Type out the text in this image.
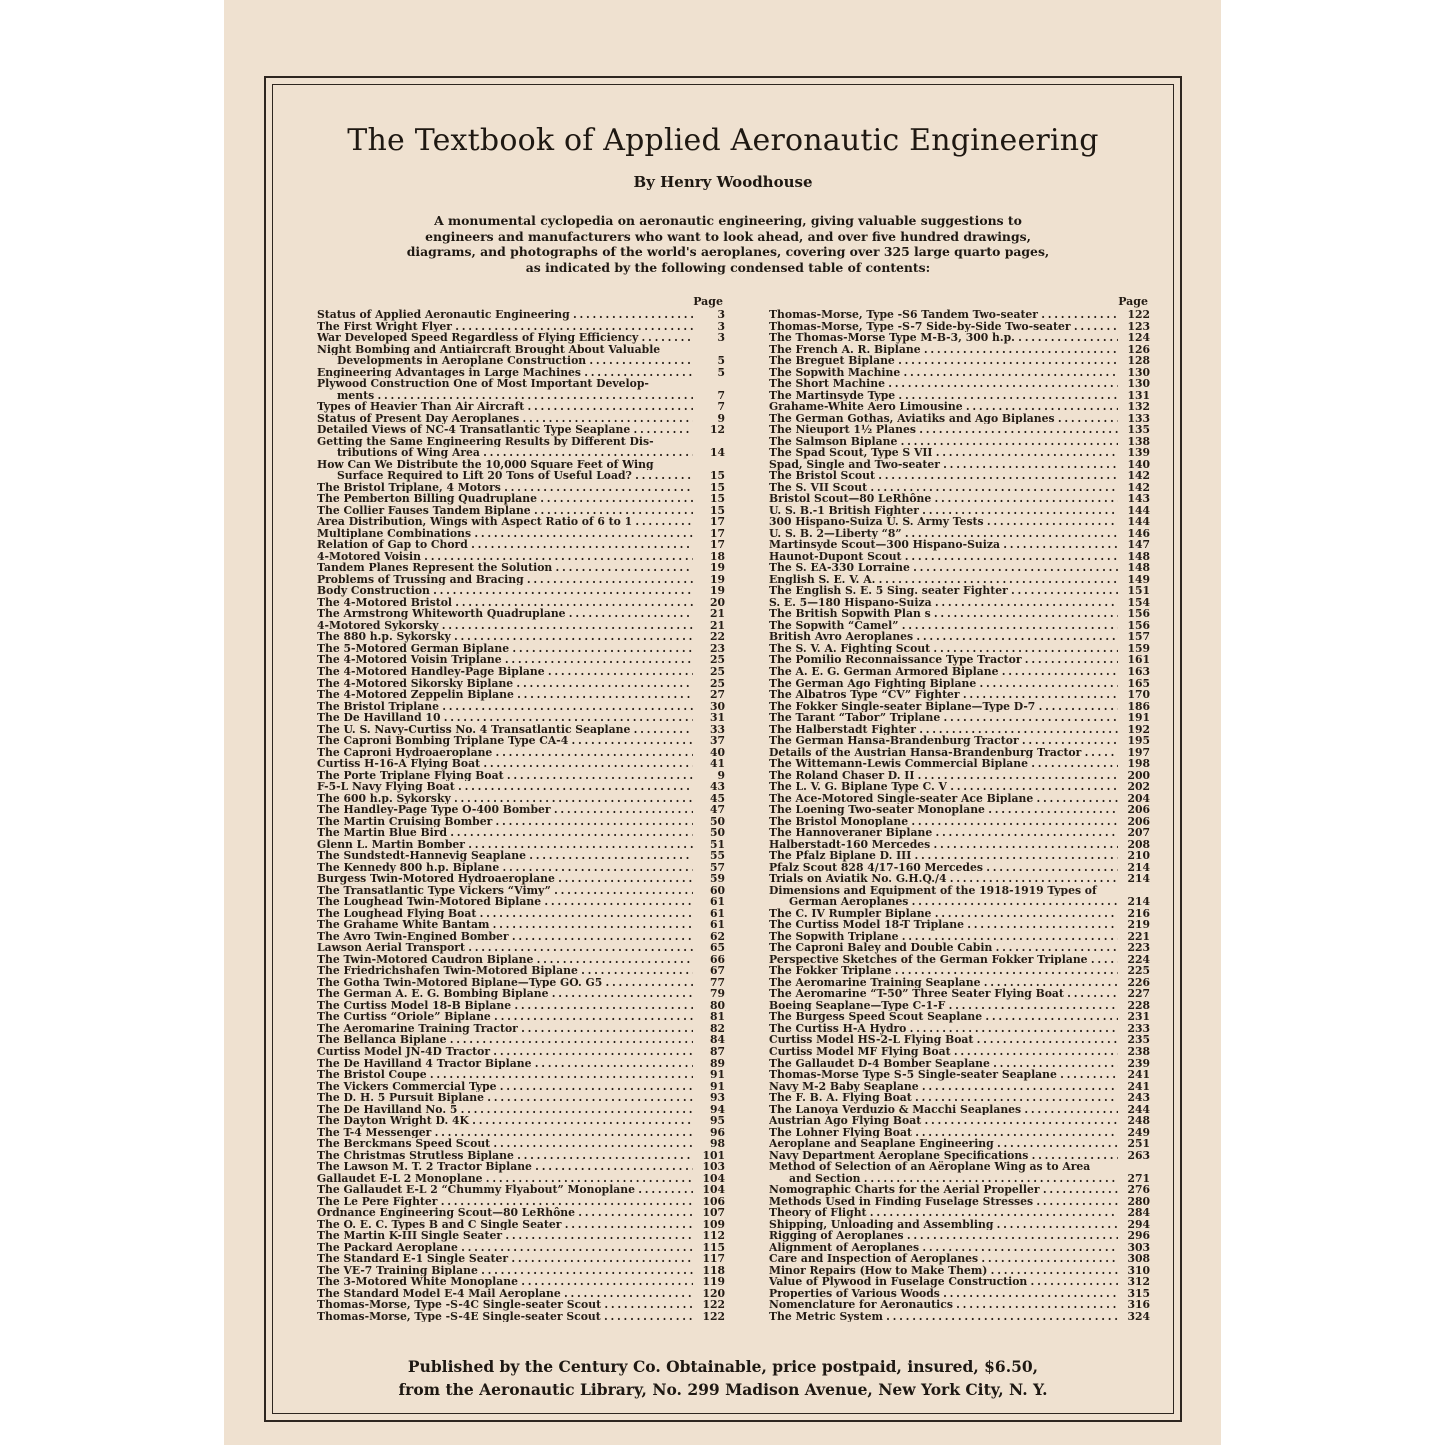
The Textbook of Applied Aeronautic Engineering
By Henry Woodhouse
A monumental cyclopedia on aeronautic engineering, giving valuable suggestions to engineers and manufacturers who want to look ahead, and over five hundred drawings, diagrams, and photographs of the world's aeroplanes, covering over 325 large quarto pages, as indicated by the following condensed table of contents:
Page
Status of Applied Aeronautic Engineering . . .	3
The First Wright Flyer . . .	3
War Developed Speed Regardless of Flying Efficiency . . .	3
Night Bombing and Antiaircraft Brought About Valuable
Developments in Aeroplane Construction . . .	5
Engineering Advantages in Large Machines . . .	5
Plywood Construction One of Most Important Develop-
ments . . .	7
Types of Heavier Than Air Aircraft . . .	7
Status of Present Day Aeroplanes . . .	9
Detailed Views of NC-4 Transatlantic Type Seaplane . . .	12
Getting the Same Engineering Results by Different Dis-
tributions of Wing Area . . .	14
How Can We Distribute the 10,000 Square Feet of Wing
Surface Required to Lift 20 Tons of Useful Load? . . .	15
The Bristol Triplane, 4 Motors . . .	15
The Pemberton Billing Quadruplane . . .	15
The Collier Fauses Tandem Biplane . . .	15
Area Distribution, Wings with Aspect Ratio of 6 to 1 . . .	17
Multiplane Combinations . . .	17
Relation of Gap to Chord . . .	17
4-Motored Voisin . . .	18
Tandem Planes Represent the Solution . . .	19
Problems of Trussing and Bracing . . .	19
Body Construction . . .	19
The 4-Motored Bristol . . .	20
The Armstrong Whiteworth Quadruplane . . .	21
4-Motored Sykorsky . . .	21
The 880 h.p. Sykorsky . . .	22
The 5-Motored German Biplane . . .	23
The 4-Motored Voisin Triplane . . .	25
The 4-Motored Handley-Page Biplane . . .	25
The 4-Motored Sikorsky Biplane . . .	25
The 4-Motored Zeppelin Biplane . . .	27
The Bristol Triplane . . .	30
The De Havilland 10 . . .	31
The U. S. Navy-Curtiss No. 4 Transatlantic Seaplane . . .	33
The Caproni Bombing Triplane Type CA-4 . . .	37
The Caproni Hydroaeroplane . . .	40
Curtiss H-16-A Flying Boat . . .	41
The Porte Triplane Flying Boat . . .	9
F-5-L Navy Flying Boat . . .	43
The 600 h.p. Sykorsky . . .	45
The Handley-Page Type O-400 Bomber . . .	47
The Martin Cruising Bomber . . .	50
The Martin Blue Bird . . .	50
Glenn L. Martin Bomber . . .	51
The Sundstedt-Hannevig Seaplane . . .	55
The Kennedy 800 h.p. Biplane . . .	57
Burgess Twin-Motored Hydroaeroplane . . .	59
The Transatlantic Type Vickers “Vimy” . . .	60
The Loughead Twin-Motored Biplane . . .	61
The Loughead Flying Boat . . .	61
The Grahame White Bantam . . .	61
The Avro Twin-Engined Bomber . . .	62
Lawson Aerial Transport . . .	65
The Twin-Motored Caudron Biplane . . .	66
The Friedrichshafen Twin-Motored Biplane . . .	67
The Gotha Twin-Motored Biplane—Type GO. G5 . . .	77
The German A. E. G. Bombing Biplane . . .	79
The Curtiss Model 18-B Biplane . . .	80
The Curtiss “Oriole” Biplane . . .	81
The Aeromarine Training Tractor . . .	82
The Bellanca Biplane . . .	84
Curtiss Model JN-4D Tractor . . .	87
The De Havilland 4 Tractor Biplane . . .	89
The Bristol Coupe . . .	91
The Vickers Commercial Type . . .	91
The D. H. 5 Pursuit Biplane . . .	93
The De Havilland No. 5 . . .	94
The Dayton Wright D. 4K . . .	95
The T-4 Messenger . . .	96
The Berckmans Speed Scout . . .	98
The Christmas Strutless Biplane . . .	101
The Lawson M. T. 2 Tractor Biplane . . .	103
Gallaudet E-L 2 Monoplane . . .	104
The Gallaudet E-L 2 “Chummy Flyabout” Monoplane . . .	104
The Le Pere Fighter . . .	106
Ordnance Engineering Scout—80 LeRhône . . .	107
The O. E. C. Types B and C Single Seater . . .	109
The Martin K-III Single Seater . . .	112
The Packard Aeroplane . . .	115
The Standard E-1 Single Seater . . .	117
The VE-7 Training Biplane . . .	118
The 3-Motored White Monoplane . . .	119
The Standard Model E-4 Mail Aeroplane . . .	120
Thomas-Morse, Type -S-4C Single-seater Scout . . .	122
Thomas-Morse, Type -S-4E Single-seater Scout . . .	122
Page
Thomas-Morse, Type -S6 Tandem Two-seater . . .	122
Thomas-Morse, Type -S-7 Side-by-Side Two-seater . . .	123
The Thomas-Morse Type M-B-3, 300 h.p. . . .	124
The French A. R. Biplane . . .	126
The Breguet Biplane . . .	128
The Sopwith Machine . . .	130
The Short Machine . . .	130
The Martinsyde Type . . .	131
Grahame-White Aero Limousine . . .	132
The German Gothas, Aviatiks and Ago Biplanes . . .	133
The Nieuport 1½ Planes . . .	135
The Salmson Biplane . . .	138
The Spad Scout, Type S VII . . .	139
Spad, Single and Two-seater . . .	140
The Bristol Scout . . .	142
The S. VII Scout . . .	142
Bristol Scout—80 LeRhône . . .	143
U. S. B.-1 British Fighter . . .	144
300 Hispano-Suiza U. S. Army Tests . . .	144
U. S. B. 2—Liberty “8” . . .	146
Martinsyde Scout—300 Hispano-Suiza . . .	147
Haunot-Dupont Scout . . .	148
The S. EA-330 Lorraine . . .	148
English S. E. V. A. . . .	149
The English S. E. 5 Sing. seater Fighter . . .	151
S. E. 5—180 Hispano-Suiza . . .	154
The British Sopwith Plan s . . .	156
The Sopwith “Camel” . . .	156
British Avro Aeroplanes . . .	157
The S. V. A. Fighting Scout . . .	159
The Pomilio Reconnaissance Type Tractor . . .	161
The A. E. G. German Armored Biplane . . .	163
The German Ago Fighting Biplane . . .	165
The Albatros Type “CV” Fighter . . .	170
The Fokker Single-seater Biplane—Type D-7 . . .	186
The Tarant “Tabor” Triplane . . .	191
The Halberstadt Fighter . . .	192
The German Hansa-Brandenburg Tractor . . .	195
Details of the Austrian Hansa-Brandenburg Tractor . . .	197
The Wittemann-Lewis Commercial Biplane . . .	198
The Roland Chaser D. II . . .	200
The L. V. G. Biplane Type C. V . . .	202
The Ace-Motored Single-seater Ace Biplane . . .	204
The Loening Two-seater Monoplane . . .	206
The Bristol Monoplane . . .	206
The Hannoveraner Biplane . . .	207
Halberstadt-160 Mercedes . . .	208
The Pfalz Biplane D. III . . .	210
Pfalz Scout 828 4/17-160 Mercedes . . .	214
Trials on Aviatik No. G.H.Q./4 . . .	214
Dimensions and Equipment of the 1918-1919 Types of
German Aeroplanes . . .	214
The C. IV Rumpler Biplane . . .	216
The Curtiss Model 18-T Triplane . . .	219
The Sopwith Triplane . . .	221
The Caproni Baley and Double Cabin . . .	223
Perspective Sketches of the German Fokker Triplane . . .	224
The Fokker Triplane . . .	225
The Aeromarine Training Seaplane . . .	226
The Aeromarine “T-50” Three Seater Flying Boat . . .	227
Boeing Seaplane—Type C-1-F . . .	228
The Burgess Speed Scout Seaplane . . .	231
The Curtiss H-A Hydro . . .	233
Curtiss Model HS-2-L Flying Boat . . .	235
Curtiss Model MF Flying Boat . . .	238
The Gallaudet D-4 Bomber Seaplane . . .	239
Thomas-Morse Type S-5 Single-seater Seaplane . . .	241
Navy M-2 Baby Seaplane . . .	241
The F. B. A. Flying Boat . . .	243
The Lanoya Verduzio & Macchi Seaplanes . . .	244
Austrian Ago Flying Boat . . .	248
The Lohner Flying Boat . . .	249
Aeroplane and Seaplane Engineering . . .	251
Navy Department Aeroplane Specifications . . .	263
Method of Selection of an Aëroplane Wing as to Area
and Section . . .	271
Nomographic Charts for the Aerial Propeller . . .	276
Methods Used in Finding Fuselage Stresses . . .	280
Theory of Flight . . .	284
Shipping, Unloading and Assembling . . .	294
Rigging of Aeroplanes . . .	296
Alignment of Aeroplanes . . .	303
Care and Inspection of Aeroplanes . . .	308
Minor Repairs (How to Make Them) . . .	310
Value of Plywood in Fuselage Construction . . .	312
Properties of Various Woods . . .	315
Nomenclature for Aeronautics . . .	316
The Metric System . . .	324
Published by the Century Co. Obtainable, price postpaid, insured, $6.50,
from the Aeronautic Library, No. 299 Madison Avenue, New York City, N. Y.
